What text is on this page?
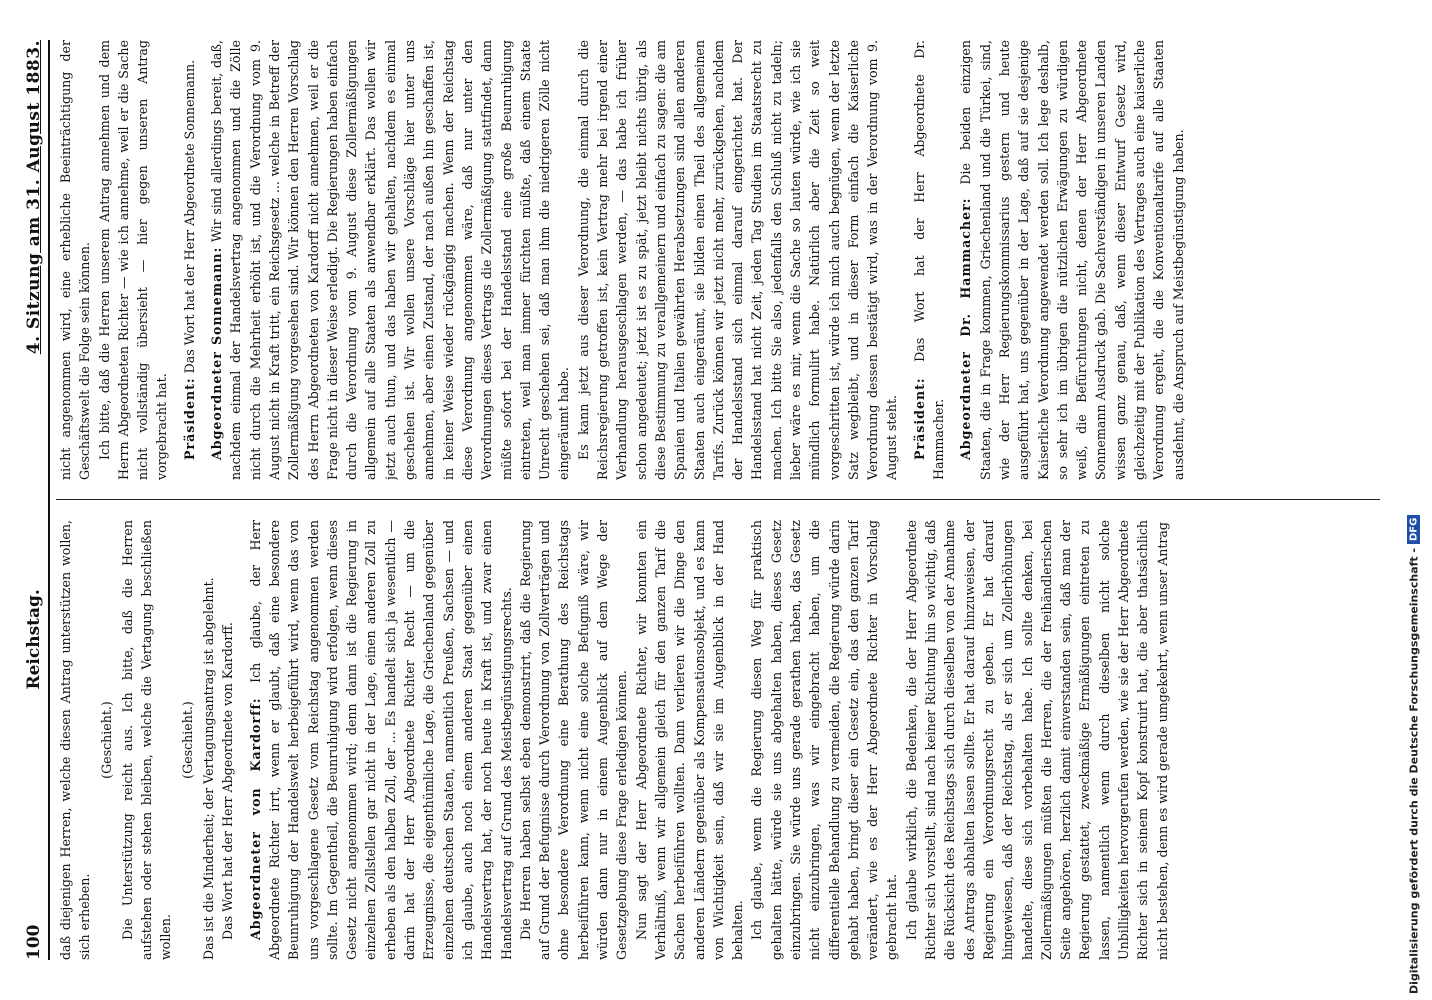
100
Reichstag.
4. Sitzung am 31. August 1883.

daß diejenigen Herren, welche diesen Antrag unterstützen wollen, sich erheben.

(Geschieht.) Die Unterstützung reicht aus. Ich bitte, daß die Herren aufstehen oder stehen bleiben, welche die Vertagung beschließen wollen.

(Geschieht.) Das ist die Minderheit; der Vertagungsantrag ist abgelehnt. Das Wort hat der Herr Abgeordnete von Kardorff. Abgeordneter von Kardorff: Ich glaube, der Herr Abgeordnete Richter irrt, wenn er glaubt, daß eine besondere Beunruhigung der Handelswelt herbeigeführt wird, wenn das von uns vorgeschlagene Gesetz vom Reichstag angenommen werden sollte. Im Gegentheil, die Beunruhigung wird erfolgen, wenn dieses Gesetz nicht angenommen wird; denn dann ist die Regierung in einzelnen Zollstellen gar nicht in der Lage, einen anderen Zoll zu erheben als den halben Zoll, der ... Es handelt sich ja wesentlich — darin hat der Herr Abgeordnete Richter Recht — um die Erzeugnisse, die eigenthümliche Lage, die Griechenland gegenüber einzelnen deutschen Staaten, namentlich Preußen, Sachsen — und ich glaube, auch noch einem anderen Staat gegenüber einen Handelsvertrag hat, der noch heute in Kraft ist, und zwar einen Handelsvertrag auf Grund des Meistbegünstigungsrechts. Die Herren haben selbst eben demonstrirt, daß die Regierung auf Grund der Befugnisse durch Verordnung von Zollverträgen und ohne besondere Verordnung eine Berathung des Reichstags herbeiführen kann, wenn nicht eine solche Befugniß wäre, wir würden dann nur in einem Augenblick auf dem Wege der Gesetzgebung diese Frage erledigen können. Nun sagt der Herr Abgeordnete Richter, wir konnten ein Verhältniß, wenn wir allgemein gleich für den ganzen Tarif die Sachen herbeiführen wollten. Dann verlieren wir die Dinge den anderen Ländern gegenüber als Kompensationsobjekt, und es kann von Wichtigkeit sein, daß wir sie im Augenblick in der Hand behalten. Ich glaube, wenn die Regierung diesen Weg für praktisch gehalten hätte, würde sie uns abgehalten haben, dieses Gesetz einzubringen. Sie würde uns gerade gerathen haben, das Gesetz nicht einzubringen, was wir eingebracht haben, um die differentielle Behandlung zu vermeiden, die Regierung würde darin gehabt haben, bringt dieser ein Gesetz ein, das den ganzen Tarif verändert, wie es der Herr Abgeordnete Richter in Vorschlag gebracht hat. Ich glaube wirklich, die Bedenken, die der Herr Abgeordnete Richter sich vorstellt, sind nach keiner Richtung hin so wichtig, daß die Rücksicht des Reichstags sich durch dieselben von der Annahme des Antrags abhalten lassen sollte. Er hat darauf hinzuweisen, der Regierung ein Verordnungsrecht zu geben. Er hat darauf hingewiesen, daß der Reichstag, als er sich um Zollerhöhungen handelte, diese sich vorbehalten habe. Ich sollte denken, bei Zollermäßigungen müßten die Herren, die der freihändlerischen Seite angehören, herzlich damit einverstanden sein, daß man der Regierung gestattet, zweckmäßige Ermäßigungen eintreten zu lassen, namentlich wenn durch dieselben nicht solche Unbilligkeiten hervorgerufen werden, wie sie der Herr Abgeordnete Richter sich in seinem Kopf konstruirt hat, die aber thatsächlich nicht bestehen, denn es wird gerade umgekehrt, wenn unser Antrag

nicht angenommen wird, eine erhebliche Beeinträchtigung der Geschäftswelt die Folge sein können. Ich bitte, daß die Herren unserem Antrag annehmen und dem Herrn Abgeordneten Richter — wie ich annehme, weil er die Sache nicht vollständig übersieht — hier gegen unseren Antrag vorgebracht hat. Präsident: Das Wort hat der Herr Abgeordnete Sonnemann. Abgeordneter Sonnemann: Wir sind allerdings bereit, daß, nachdem einmal der Handelsvertrag angenommen und die Zölle nicht durch die Mehrheit erhöht ist, und die Verordnung vom 9. August nicht in Kraft tritt, ein Reichsgesetz ... welche in Betreff der Zollermäßigung vorgesehen sind. Wir können den Herren Vorschlag des Herrn Abgeordneten von Kardorff nicht annehmen, weil er die Frage nicht in dieser Weise erledigt. Die Regierungen haben einfach durch die Verordnung vom 9. August diese Zollermäßigungen allgemein auf alle Staaten als anwendbar erklärt. Das wollen wir jetzt auch thun, und das haben wir gehalten, nachdem es einmal geschehen ist. Wir wollen unsere Vorschläge hier unter uns annehmen, aber einen Zustand, der nach außen hin geschaffen ist, in keiner Weise wieder rückgängig machen. Wenn der Reichstag diese Verordnung angenommen wäre, daß nur unter den Verordnungen dieses Vertrags die Zollermäßigung stattfindet, dann müßte sofort bei der Handelsstand eine große Beunruhigung eintreten, weil man immer fürchten müßte, daß einem Staate Unrecht geschehen sei, daß man ihm die niedrigeren Zölle nicht eingeräumt habe. Es kann jetzt aus dieser Verordnung, die einmal durch die Reichsregierung getroffen ist, kein Vertrag mehr bei irgend einer Verhandlung herausgeschlagen werden, — das habe ich früher schon angedeutet; jetzt ist es zu spät, jetzt bleibt nichts übrig, als diese Bestimmung zu verallgemeinern und einfach zu sagen: die am Spanien und Italien gewährten Herabsetzungen sind allen anderen Staaten auch eingeräumt, sie bilden einen Theil des allgemeinen Tarifs. Zurück können wir jetzt nicht mehr, zurückgehen, nachdem der Handelsstand sich einmal darauf eingerichtet hat. Der Handelsstand hat nicht Zeit, jeden Tag Studien im Staatsrecht zu machen. Ich bitte Sie also, jedenfalls den Schluß nicht zu tadeln; lieber wäre es mir, wenn die Sache so lauten würde, wie ich sie mündlich formulirt habe. Natürlich aber die Zeit so weit vorgeschritten ist, würde ich mich auch begnügen, wenn der letzte Satz wegbleibt, und in dieser Form einfach die Kaiserliche Verordnung dessen bestätigt wird, was in der Verordnung vom 9. August steht. Präsident: Das Wort hat der Herr Abgeordnete Dr. Hammacher. Abgeordneter Dr. Hammacher: Die beiden einzigen Staaten, die in Frage kommen, Griechenland und die Türkei, sind, wie der Herr Regierungskommissarius gestern und heute ausgeführt hat, uns gegenüber in der Lage, daß auf sie desjenige Kaiserliche Verordnung angewendet werden soll. Ich lege deshalb, so sehr ich im übrigen die nützlichen Erwägungen zu würdigen weiß, die Befürchtungen nicht, denen der Herr Abgeordnete Sonnemann Ausdruck gab. Die Sachverständigen in unseren Landen wissen ganz genau, daß, wenn dieser Entwurf Gesetz wird, gleichzeitig mit der Publikation des Vertrages auch eine kaiserliche Verordnung ergeht, die die Konventionaltarife auf alle Staaten ausdehnt, die Anspruch auf Meistbegünstigung haben.

Digitalisierung gefördert durch die Deutsche Forschungsgemeinschaft -
DFG
